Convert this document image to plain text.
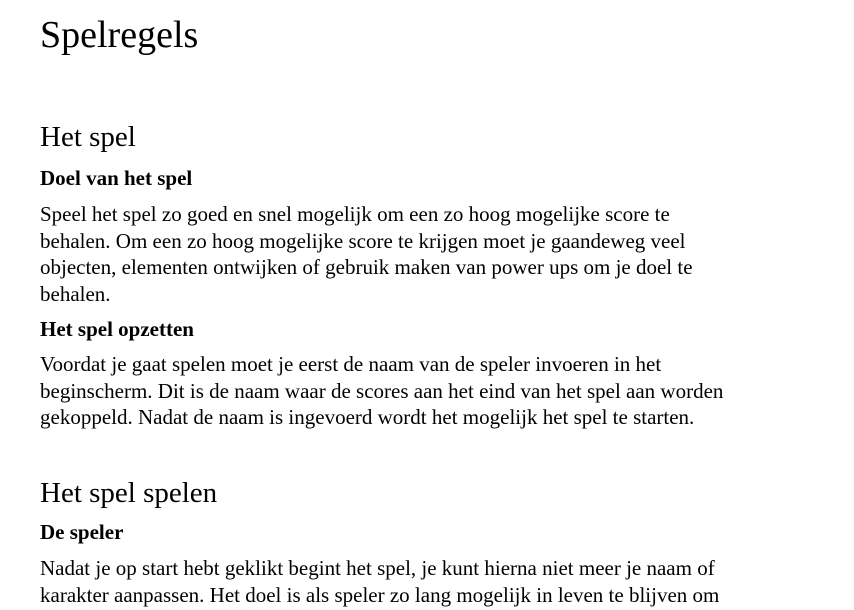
Spelregels
Het spel
Doel van het spel

Speel het spel zo goed en snel mogelijk om een zo hoog mogelijke score te
behalen. Om een zo hoog mogelijke score te krijgen moet je gaandeweg veel
objecten, elementen ontwijken of gebruik maken van power ups om je doel te
behalen.

Het spel opzetten

Voordat je gaat spelen moet je eerst de naam van de speler invoeren in het
beginscherm. Dit is de naam waar de scores aan het eind van het spel aan worden
gekoppeld. Nadat de naam is ingevoerd wordt het mogelijk het spel te starten.

Het spel spelen
De speler

Nadat je op start hebt geklikt begint het spel, je kunt hierna niet meer je naam of
karakter aanpassen. Het doel is als speler zo lang mogelijk in leven te blijven om
